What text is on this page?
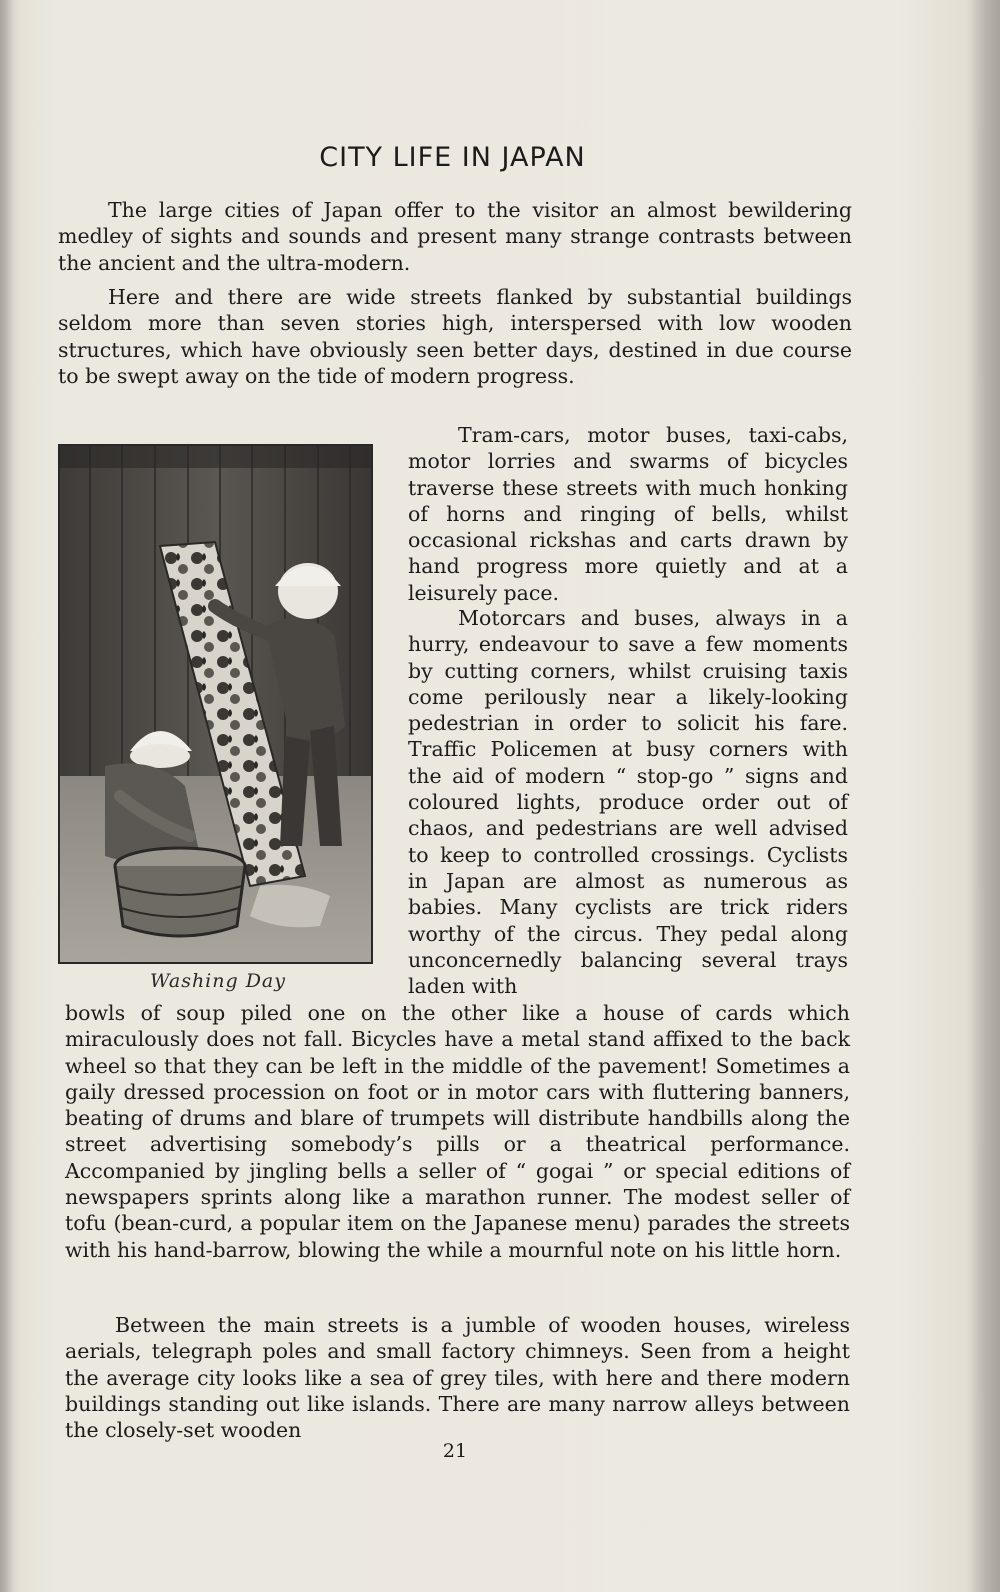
CITY LIFE IN JAPAN

The large cities of Japan offer to the visitor an almost bewildering medley of sights and sounds and present many strange contrasts between the ancient and the ultra-modern.

Here and there are wide streets flanked by substantial buildings seldom more than seven stories high, interspersed with low wooden structures, which have obviously seen better days, destined in due course to be swept away on the tide of modern progress.

Tram-cars, motor buses, taxi-cabs, motor lorries and swarms of bicycles traverse these streets with much honking of horns and ringing of bells, whilst occasional rickshas and carts drawn by hand progress more quietly and at a leisurely pace.

Motorcars and buses, always in a hurry, endeavour to save a few moments by cutting corners, whilst cruising taxis come perilously near a likely-looking pedestrian in order to solicit his fare. Traffic Policemen at busy corners with the aid of modern “ stop-go ” signs and coloured lights, produce order out of chaos, and pedestrians are well advised to keep to controlled crossings. Cyclists in Japan are almost as numerous as babies. Many cyclists are trick riders worthy of the circus. They pedal along unconcernedly balancing several trays laden with

Washing Day

bowls of soup piled one on the other like a house of cards which miraculously does not fall. Bicycles have a metal stand affixed to the back wheel so that they can be left in the middle of the pavement! Sometimes a gaily dressed procession on foot or in motor cars with fluttering banners, beating of drums and blare of trumpets will distribute handbills along the street advertising somebody’s pills or a theatrical performance. Accompanied by jingling bells a seller of “ gogai ” or special editions of newspapers sprints along like a marathon runner. The modest seller of tofu (bean-curd, a popular item on the Japanese menu) parades the streets with his hand-barrow, blowing the while a mournful note on his little horn.

Between the main streets is a jumble of wooden houses, wireless aerials, telegraph poles and small factory chimneys. Seen from a height the average city looks like a sea of grey tiles, with here and there modern buildings standing out like islands. There are many narrow alleys between the closely-set wooden

21
